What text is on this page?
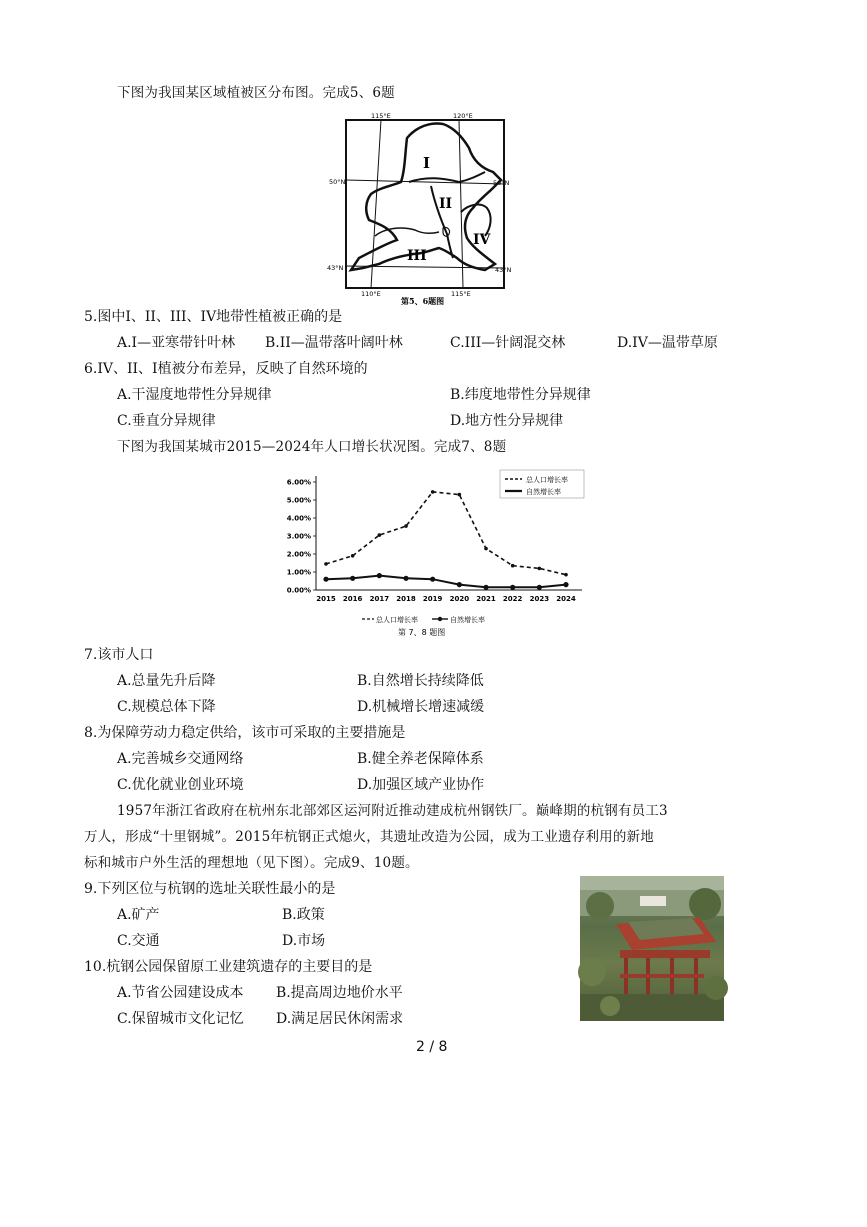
下图为我国某区域植被区分布图。完成5、6题
115°E	120°E
50°N	50°N
43°N	43°N
110°E	115°E
I
II
III
IV
第5、6题图
5.图中I、II、III、IV地带性植被正确的是
A.I—亚寒带针叶林 B.II—温带落叶阔叶林	C.III—针阔混交林	D.IV—温带草原
6.IV、II、I植被分布差异，反映了自然环境的
A.干湿度地带性分异规律	B.纬度地带性分异规律
C.垂直分异规律	D.地方性分异规律
下图为我国某城市2015—2024年人口增长状况图。完成7、8题
0.00%
1.00%
2.00%
3.00%
4.00%
5.00%
6.00%
2015 2016 2017 2018 2019 2020 2021 2022 2023 2024
总人口增长率
自然增长率
总人口增长率	自然增长率
第 7、8 题图
7.该市人口
A.总量先升后降	B.自然增长持续降低
C.规模总体下降	D.机械增长增速减缓
8.为保障劳动力稳定供给，该市可采取的主要措施是
A.完善城乡交通网络	B.健全养老保障体系
C.优化就业创业环境	D.加强区域产业协作
1957年浙江省政府在杭州东北部郊区运河附近推动建成杭州钢铁厂。巅峰期的杭钢有员工3
万人，形成“十里钢城”。2015年杭钢正式熄火，其遗址改造为公园，成为工业遗存利用的新地
标和城市户外生活的理想地（见下图）。完成9、10题。
9.下列区位与杭钢的选址关联性最小的是
A.矿产	B.政策
C.交通	D.市场
10.杭钢公园保留原工业建筑遗存的主要目的是
A.节省公园建设成本 B.提高周边地价水平
C.保留城市文化记忆 D.满足居民休闲需求
2 / 8
